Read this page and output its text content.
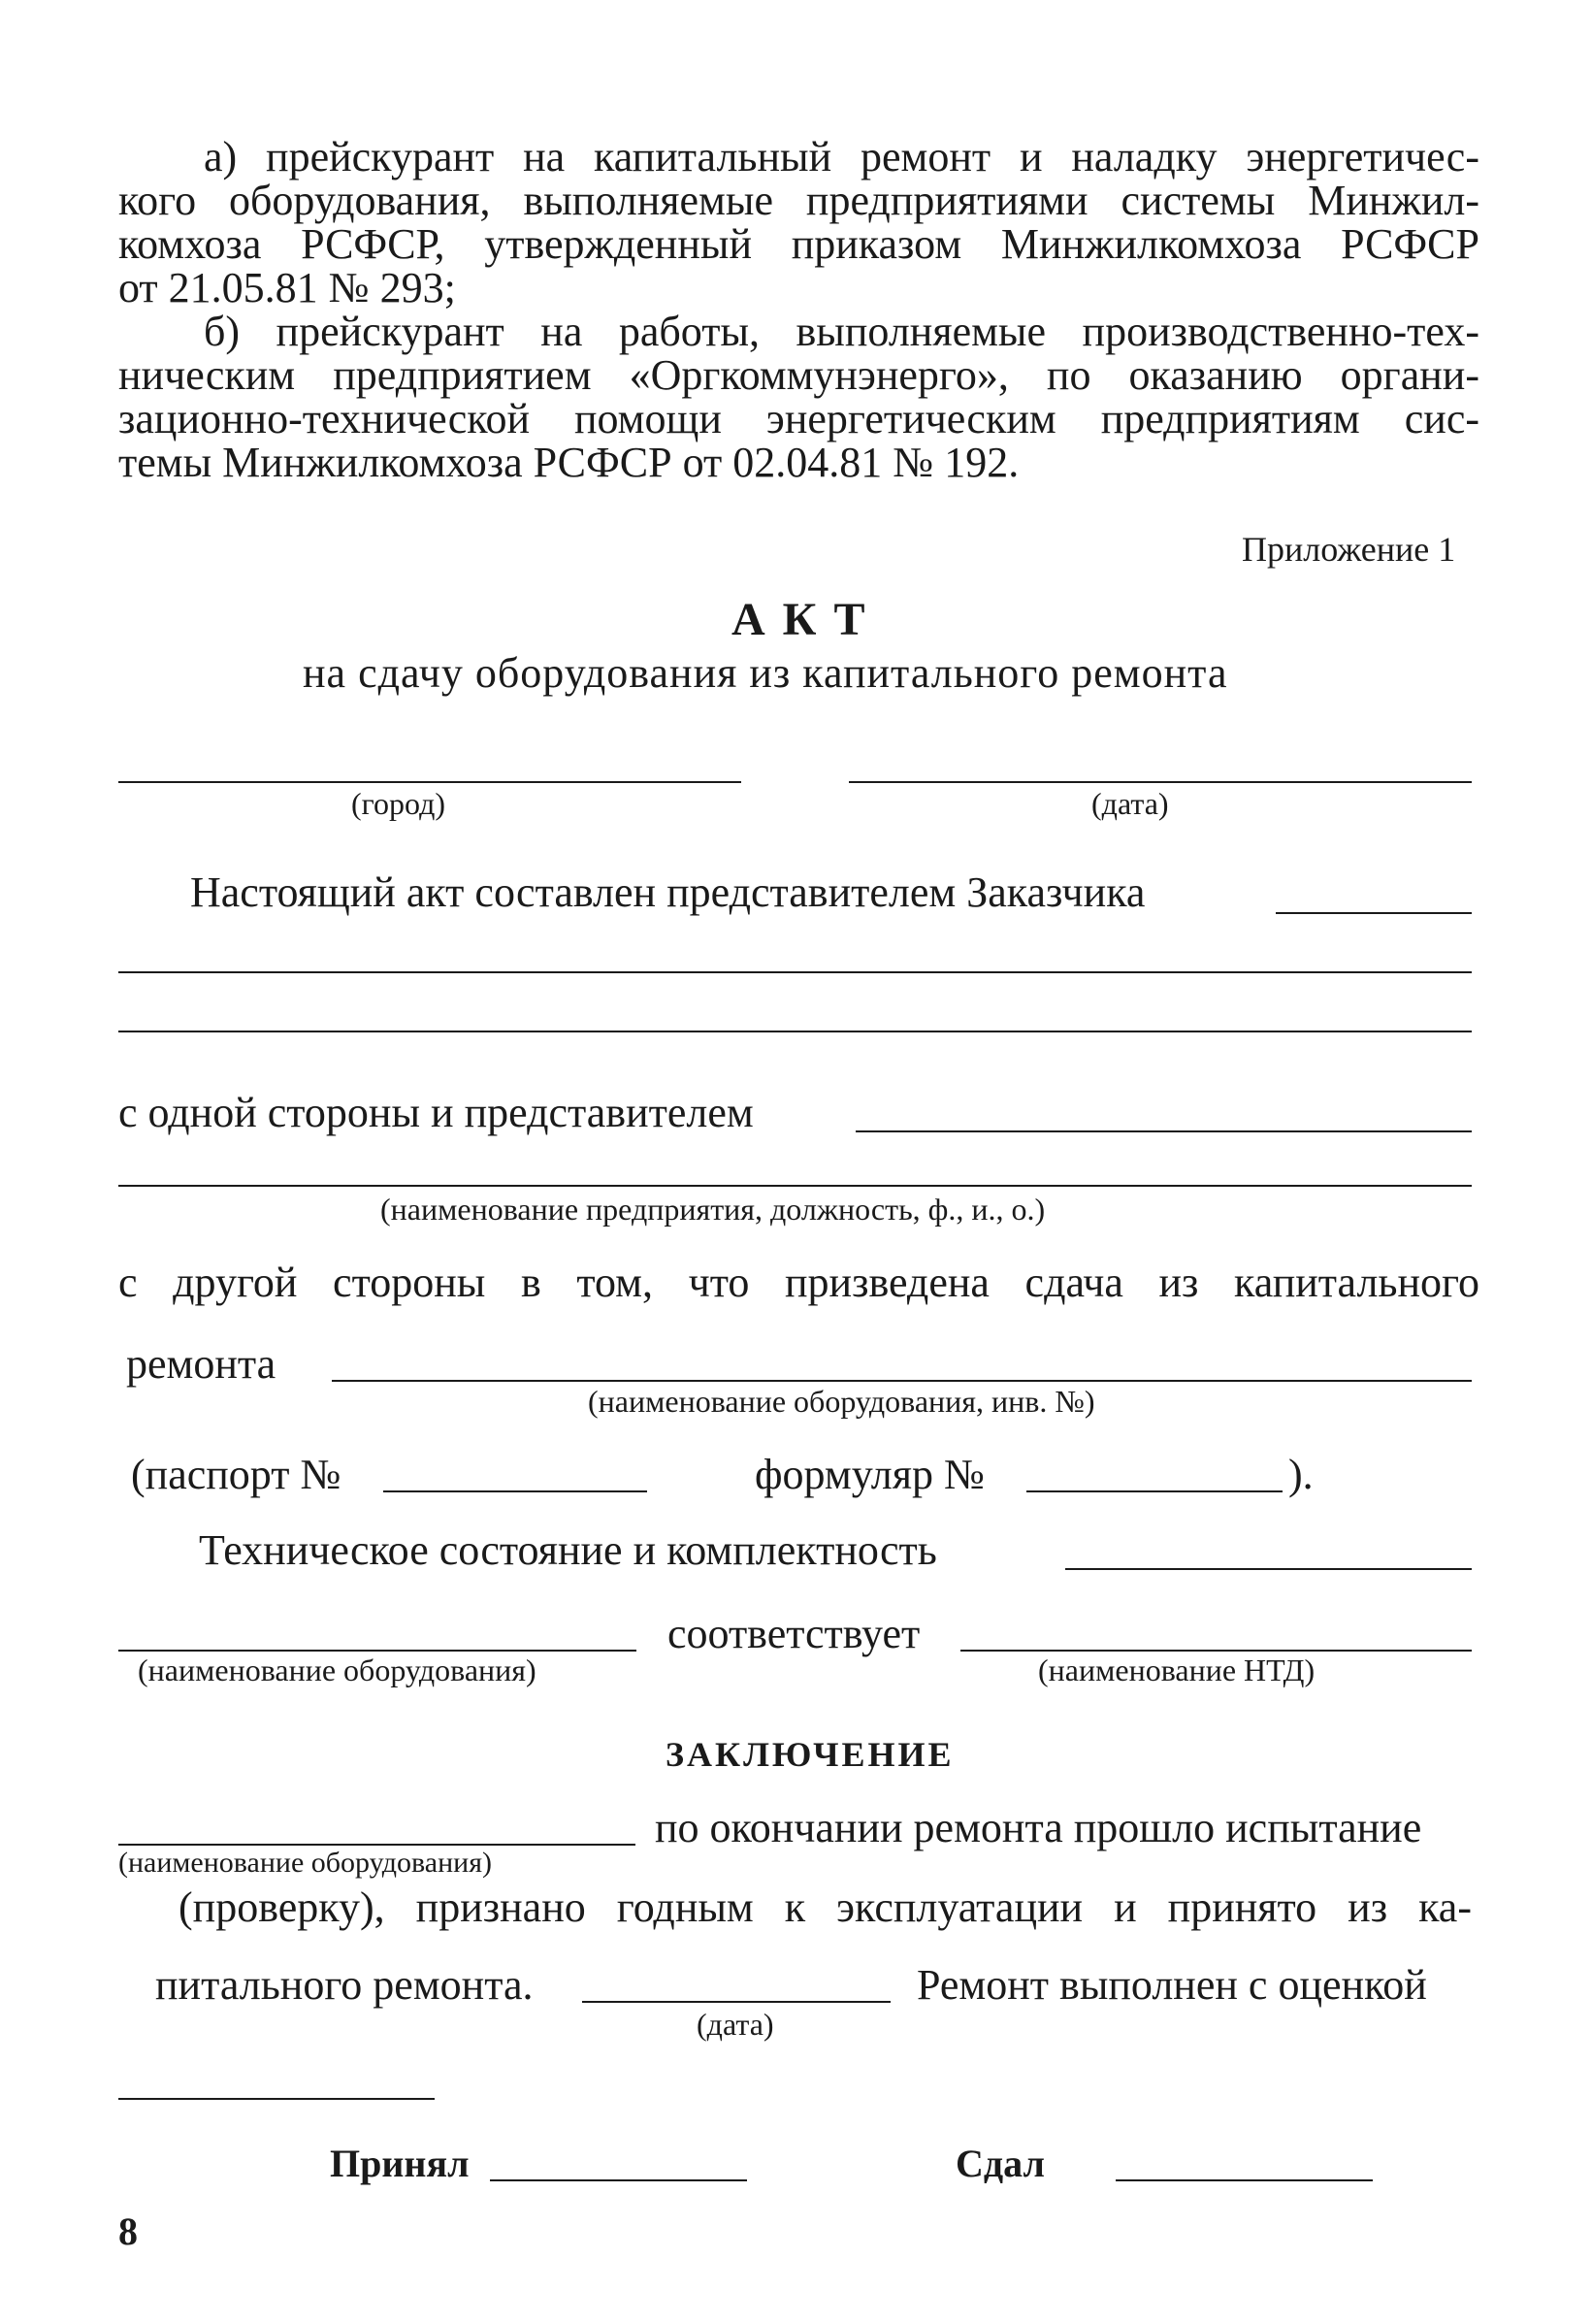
а) прейскурант на капитальный ремонт и наладку энергетичес-
кого оборудования, выполняемые предприятиями системы Минжил-
комхоза РСФСР, утвержденный приказом Минжилкомхоза РСФСР
от 21.05.81 № 293;
б) прейскурант на работы, выполняемые производственно-тех-
ническим предприятием «Оргкоммунэнерго», по оказанию органи-
зационно-технической помощи энергетическим предприятиям сис-
темы Минжилкомхоза РСФСР от 02.04.81 № 192.
Приложение 1
АКТ
на сдачу оборудования из капитального ремонта
(город)	(дата)
Настоящий акт составлен представителем Заказчика
с одной стороны и представителем
(наименование предприятия, должность, ф., и., о.)
с другой стороны в том, что призведена сдача из капитального
ремонта
(наименование оборудования, инв. №)
(паспорт №	формуляр №	).
Техническое состояние и комплектность
соответствует
(наименование оборудования)	(наименование НТД)
ЗАКЛЮЧЕНИЕ
по окончании ремонта прошло испытание
(наименование оборудования)
(проверку), признано годным к эксплуатации и принято из ка-
питального ремонта.	Ремонт выполнен с оценкой
(дата)
Принял	Сдал
8
